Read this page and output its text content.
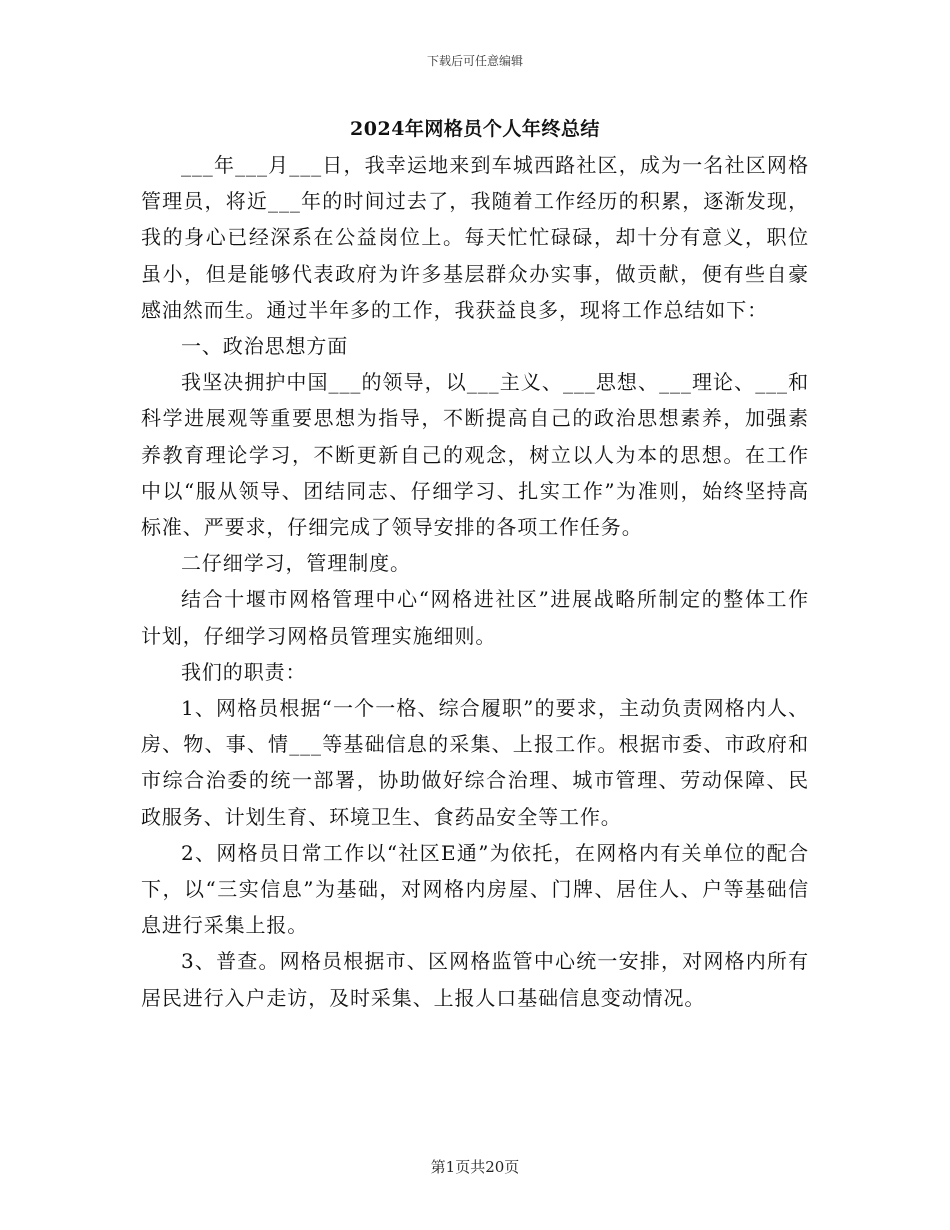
下载后可任意编辑
2024年网格员个人年终总结

___年___月___日，我幸运地来到车城西路社区，成为一名社区网格管理员，将近___年的时间过去了，我随着工作经历的积累，逐渐发现，我的身心已经深系在公益岗位上。每天忙忙碌碌，却十分有意义，职位虽小，但是能够代表政府为许多基层群众办实事，做贡献，便有些自豪感油然而生。通过半年多的工作，我获益良多，现将工作总结如下：

一、政治思想方面

我坚决拥护中国___的领导，以___主义、___思想、___理论、___和科学进展观等重要思想为指导，不断提高自己的政治思想素养，加强素养教育理论学习，不断更新自己的观念，树立以人为本的思想。在工作中以“服从领导、团结同志、仔细学习、扎实工作”为准则，始终坚持高标准、严要求，仔细完成了领导安排的各项工作任务。

二仔细学习，管理制度。

结合十堰市网格管理中心“网格进社区”进展战略所制定的整体工作计划，仔细学习网格员管理实施细则。

我们的职责：

1、网格员根据“一个一格、综合履职”的要求，主动负责网格内人、房、物、事、情___等基础信息的采集、上报工作。根据市委、市政府和市综合治委的统一部署，协助做好综合治理、城市管理、劳动保障、民政服务、计划生育、环境卫生、食药品安全等工作。

2、网格员日常工作以“社区E通”为依托，在网格内有关单位的配合下，以“三实信息”为基础，对网格内房屋、门牌、居住人、户等基础信息进行采集上报。

3、普查。网格员根据市、区网格监管中心统一安排，对网格内所有居民进行入户走访，及时采集、上报人口基础信息变动情况。

第1页共20页
